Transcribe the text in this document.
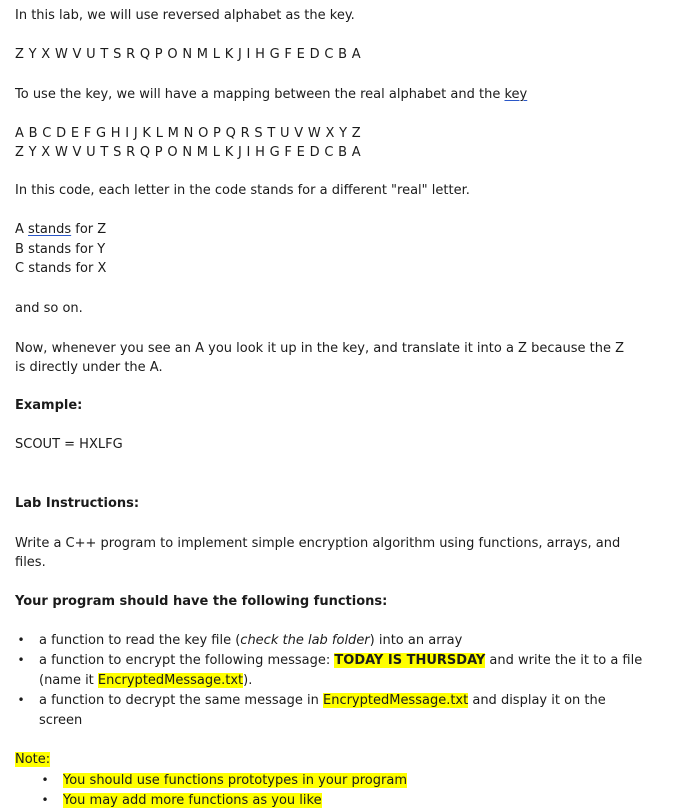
In this lab, we will use reversed alphabet as the key.
Z Y X W V U T S R Q P O N M L K J I H G F E D C B A
To use the key, we will have a mapping between the real alphabet and the key
A B C D E F G H I J K L M N O P Q R S T U V W X Y Z
Z Y X W V U T S R Q P O N M L K J I H G F E D C B A
In this code, each letter in the code stands for a different "real" letter.
A stands for Z
B stands for Y
C stands for X
and so on.
Now, whenever you see an A you look it up in the key, and translate it into a Z because the Z is directly under the A.
Example:
SCOUT = HXLFG
Lab Instructions:
Write a C++ program to implement simple encryption algorithm using functions, arrays, and files.
Your program should have the following functions:
• a function to read the key file (check the lab folder) into an array
• a function to encrypt the following message: TODAY IS THURSDAY and write the it to a file
(name it EncryptedMessage.txt).
• a function to decrypt the same message in EncryptedMessage.txt and display it on the
screen
Note:
• You should use functions prototypes in your program
• You may add more functions as you like
